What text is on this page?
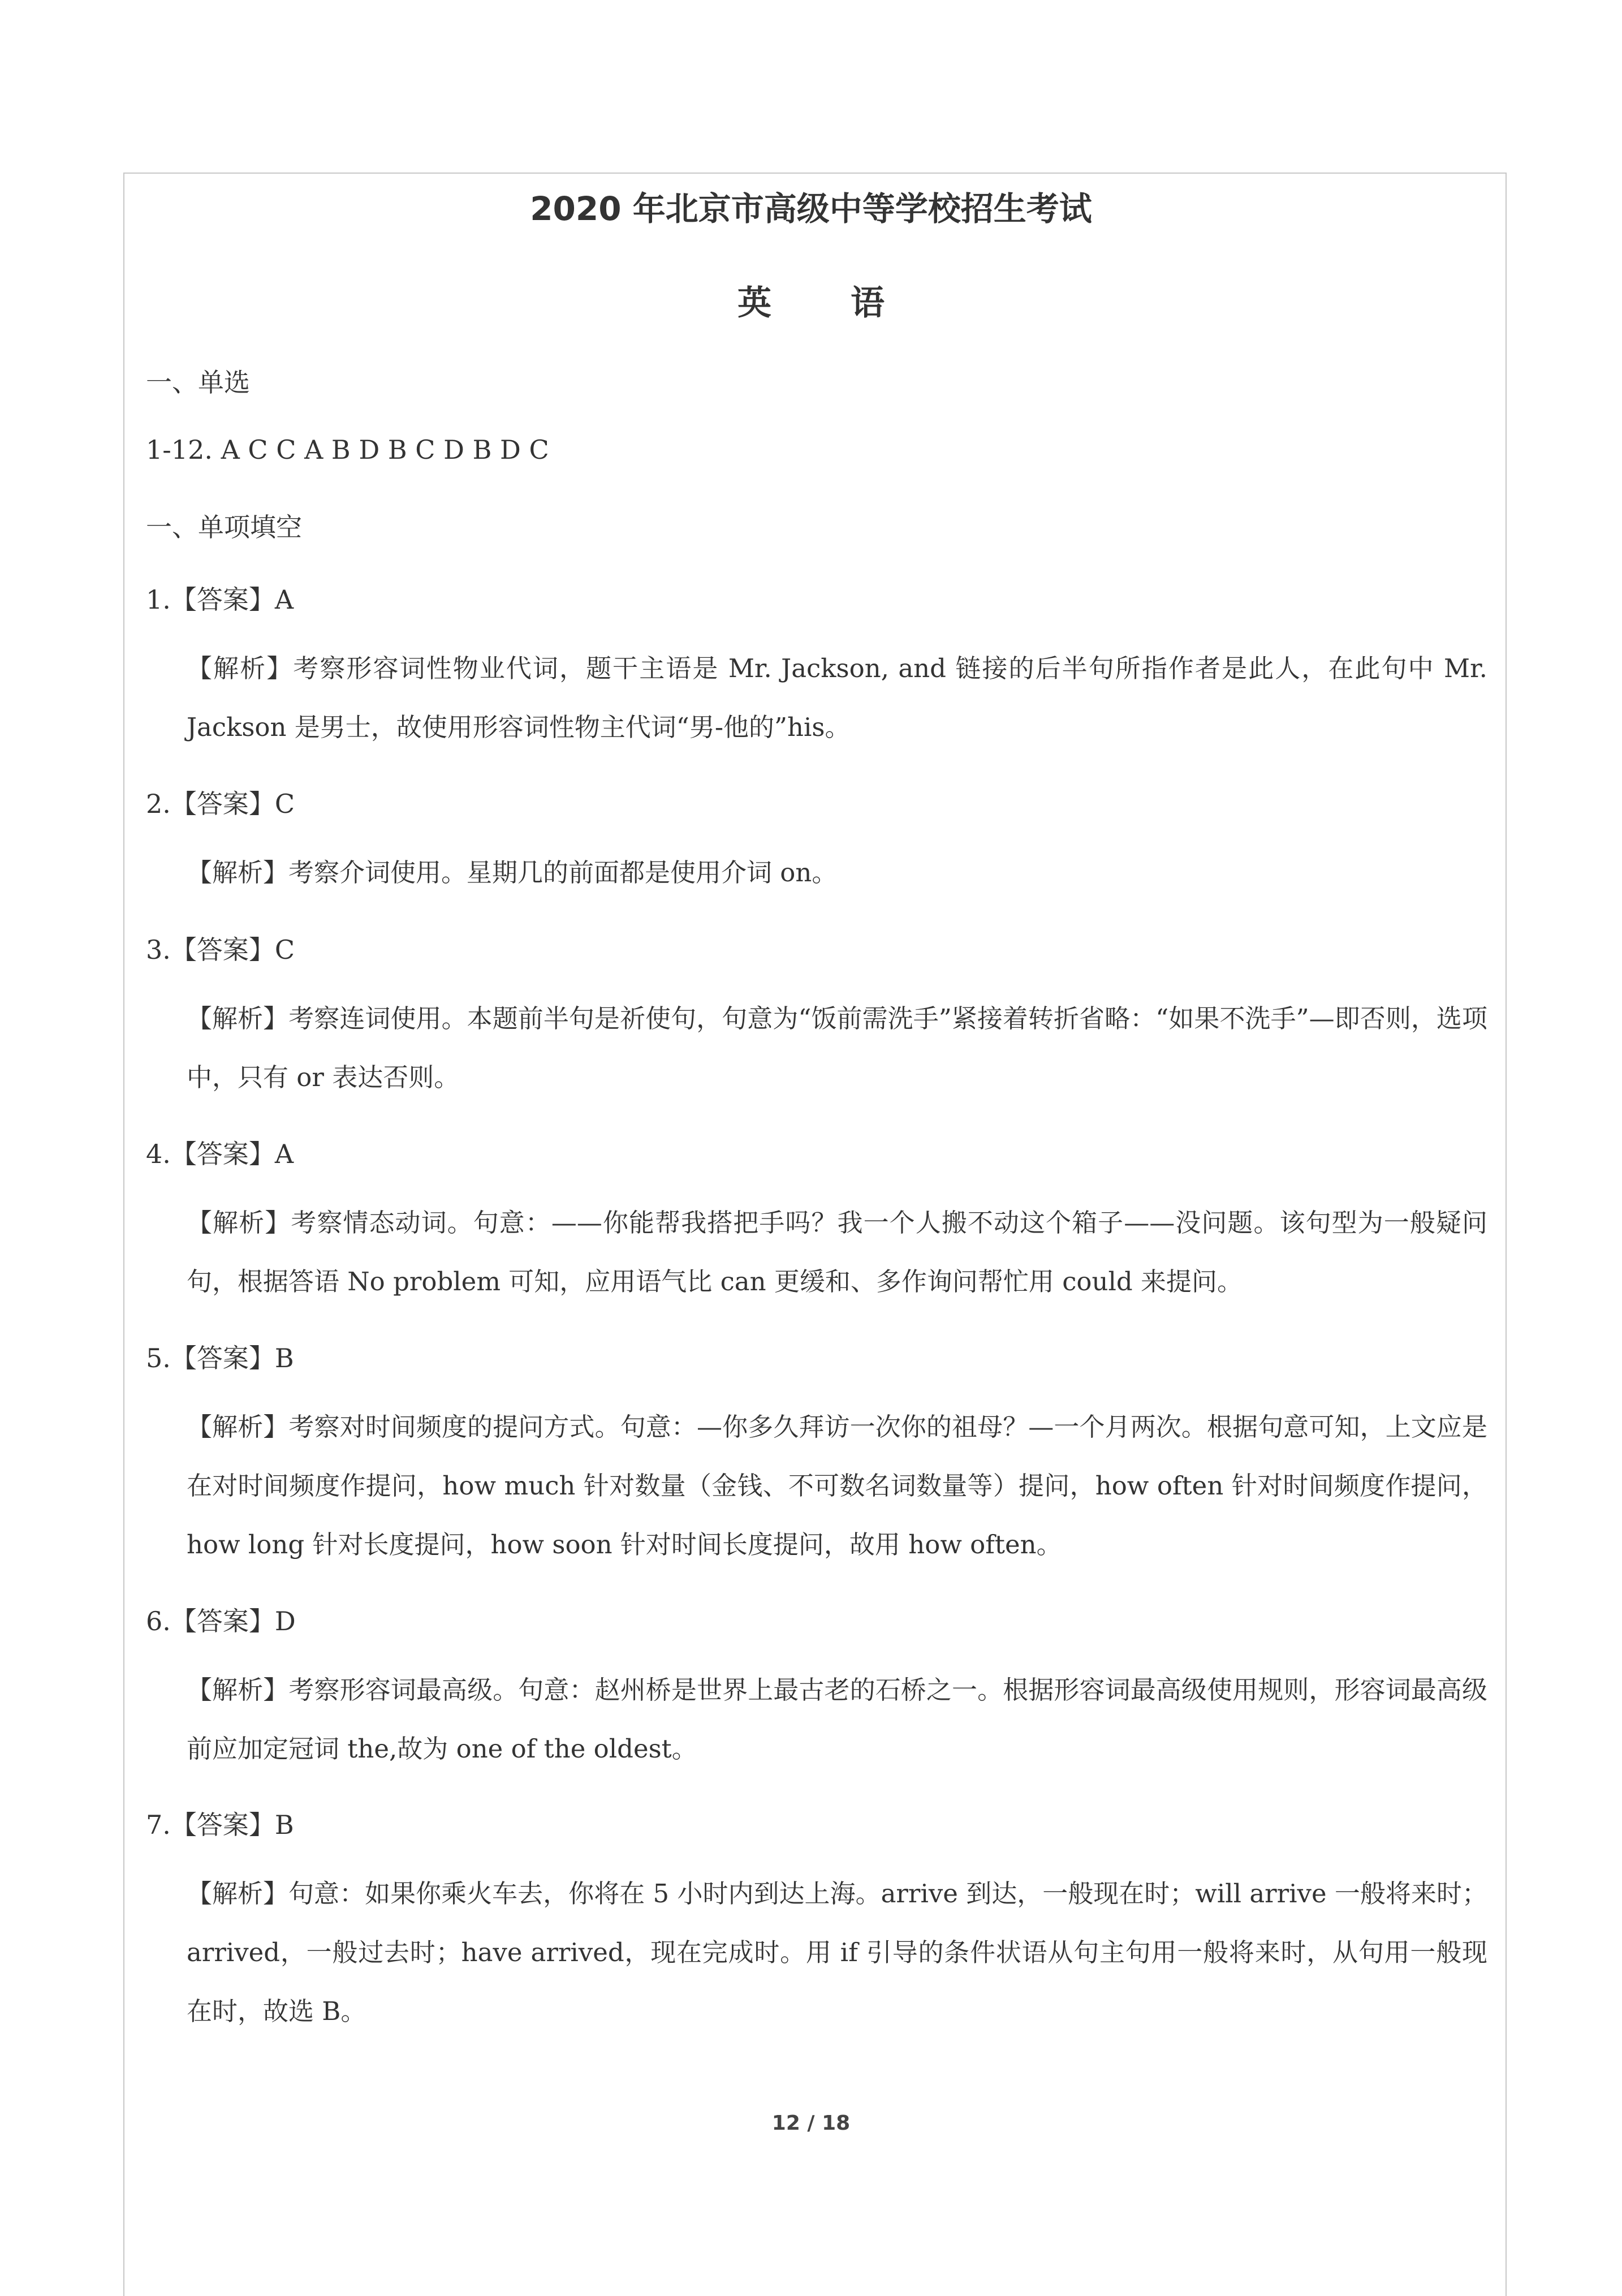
2020 年北京市高级中等学校招生考试
英语
一、单选
1-12. A C C A B D B C D B D C
一、单项填空
1.【答案】A
【解析】考察形容词性物业代词，题干主语是 Mr. Jackson, and 链接的后半句所指作者是此人，在此句中 Mr. Jackson 是男士，故使用形容词性物主代词“男-他的”his。
2.【答案】C
【解析】考察介词使用。星期几的前面都是使用介词 on。
3.【答案】C
【解析】考察连词使用。本题前半句是祈使句，句意为“饭前需洗手”紧接着转折省略：“如果不洗手”—即否则，选项中，只有 or 表达否则。
4.【答案】A
【解析】考察情态动词。句意：——你能帮我搭把手吗？我一个人搬不动这个箱子——没问题。该句型为一般疑问句，根据答语 No problem 可知，应用语气比 can 更缓和、多作询问帮忙用 could 来提问。
5.【答案】B
【解析】考察对时间频度的提问方式。句意：—你多久拜访一次你的祖母？—一个月两次。根据句意可知，上文应是在对时间频度作提问，how much 针对数量（金钱、不可数名词数量等）提问，how often 针对时间频度作提问，how long 针对长度提问，how soon 针对时间长度提问，故用 how often。
6.【答案】D
【解析】考察形容词最高级。句意：赵州桥是世界上最古老的石桥之一。根据形容词最高级使用规则，形容词最高级前应加定冠词 the,故为 one of the oldest。
7.【答案】B
【解析】句意：如果你乘火车去，你将在 5 小时内到达上海。arrive 到达，一般现在时；will arrive 一般将来时；arrived，一般过去时；have arrived，现在完成时。用 if 引导的条件状语从句主句用一般将来时，从句用一般现在时，故选 B。
12 / 18
